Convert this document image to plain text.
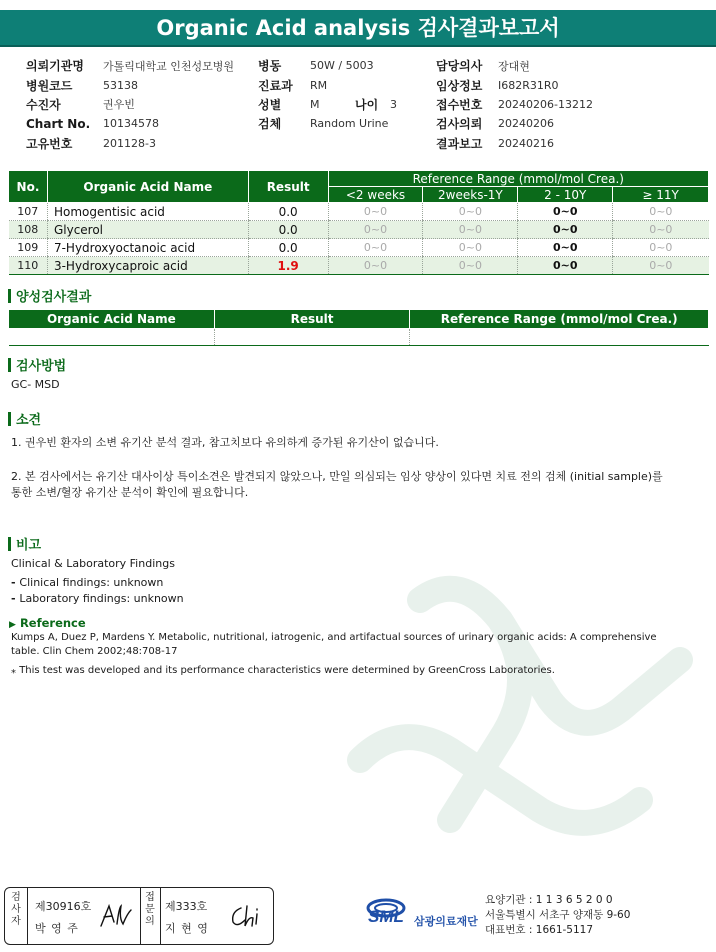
Organic Acid analysis 검사결과보고서
의뢰기관명	가톨릭대학교 인천성모병원
병원코드	53138
수진자	권우빈
Chart No.	10134578
고유번호	201128-3
병동	50W / 5003
진료과	RM
성별	M	나이	3
검체	Random Urine
담당의사	장대현
임상정보	I682R31R0
접수번호	20240206-13212
검사의뢰	20240206
결과보고	20240216
No.	Organic Acid Name	Result	Reference Range (mmol/mol Crea.)			
			<2 weeks	2weeks-1Y	2 - 10Y	≥ 11Y
107	Homogentisic acid	0.0	0~0	0~0	0~0	0~0
108	Glycerol	0.0	0~0	0~0	0~0	0~0
109	7-Hydroxyoctanoic acid	0.0	0~0	0~0	0~0	0~0
110	3-Hydroxycaproic acid	1.9	0~0	0~0	0~0	0~0
양성검사결과
Organic Acid Name	Result	Reference Range (mmol/mol Crea.)

검사방법
GC- MSD
소견
1. 권우빈 환자의 소변 유기산 분석 결과, 참고치보다 유의하게 증가된 유기산이 없습니다.
2. 본 검사에서는 유기산 대사이상 특이소견은 발견되지 않았으나, 만일 의심되는 임상 양상이 있다면 치료 전의 검체 (initial sample)를
통한 소변/혈장 유기산 분석이 확인에 필요합니다.
비고
Clinical & Laboratory Findings
- Clinical findings: unknown
- Laboratory findings: unknown
▶ Reference
Kumps A, Duez P, Mardens Y. Metabolic, nutritional, iatrogenic, and artifactual sources of urinary organic acids: A comprehensive
table. Clin Chem 2002;48:708-17
⁎ This test was developed and its performance characteristics were determined by GreenCross Laboratories.
검
사
자
제30916호
박 영 주
접
문
의
제333호
지 현 영
SML 삼광의료재단
요양기관 : 1 1 3 6 5 2 0 0
서울특별시 서초구 양재동 9-60
대표번호 : 1661-5117
